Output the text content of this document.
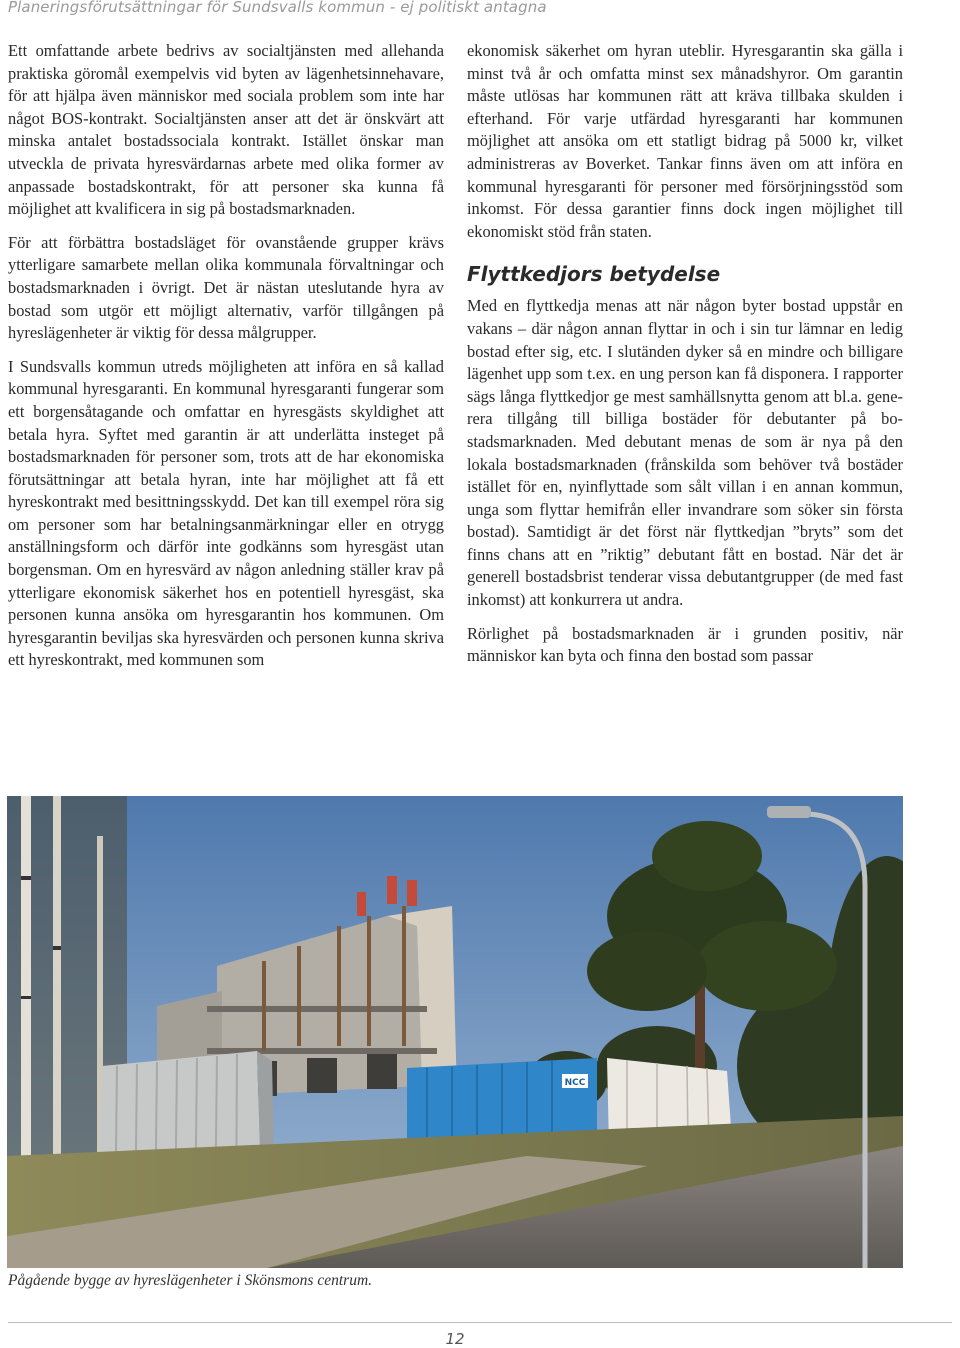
Planeringsförutsättningar för Sundsvalls kommun - ej politiskt antagna

Ett omfattande arbete bedrivs av socialtjänsten med allehanda praktiska göromål exempelvis vid byten av lägenhetsinnehavare, för att hjälpa även människor med sociala problem som inte har något BOS-kontrakt. Socialtjänsten anser att det är önskvärt att minska antalet bostadssociala kontrakt. Istället önskar man utveckla de privata hyresvärdarnas arbete med olika former av anpassade bostadskontrakt, för att personer ska kunna få möjlighet att kvalificera in sig på bostadsmarknaden.

För att förbättra bostadsläget för ovanstående grupper krävs ytterligare samarbete mellan olika kommunala förvaltningar och bostadsmarknaden i övrigt. Det är nästan uteslutande hyra av bostad som utgör ett möjligt alternativ, varför tillgången på hyreslägenheter är viktig för dessa målgrupper.

I Sundsvalls kommun utreds möjligheten att införa en så kallad kommunal hyresgaranti. En kommunal hyresgaranti fungerar som ett borgensåtagande och omfattar en hyresgästs skyldighet att betala hyra. Syftet med garantin är att underlätta insteget på bostadsmarknaden för personer som, trots att de har ekonomiska förutsättningar att betala hyran, inte har möjlighet att få ett hyreskontrakt med besittningsskydd. Det kan till exempel röra sig om personer som har betalningsanmärkningar eller en otrygg anställningsform och därför inte godkänns som hyresgäst utan borgensman. Om en hyresvärd av någon anledning ställer krav på ytterligare ekonomisk säkerhet hos en potentiell hyresgäst, ska personen kunna ansöka om hyresgarantin hos kommunen. Om hyresgarantin beviljas ska hyresvärden och personen kunna skriva ett hyreskontrakt, med kommunen som

ekonomisk säkerhet om hyran uteblir. Hyresgarantin ska gälla i minst två år och omfatta minst sex månadshyror. Om garantin måste utlösas har kommunen rätt att kräva tillbaka skulden i efterhand. För varje utfärdad hyresgaranti har kommunen möjlighet att ansöka om ett statligt bidrag på 5000 kr, vilket administreras av Boverket. Tankar finns även om att införa en kommunal hyresgaranti för personer med försörjningsstöd som inkomst. För dessa garantier finns dock ingen möjlighet till ekonomiskt stöd från staten.

Flyttkedjors betydelse

Med en flyttkedja menas att när någon byter bostad uppstår en vakans – där någon annan flyttar in och i sin tur lämnar en ledig bostad efter sig, etc. I slutänden dyker så en mindre och billigare lägenhet upp som t.ex. en ung person kan få disponera. I rapporter sägs långa flyttkedjor ge mest samhällsnytta genom att bl.a. generera tillgång till billiga bostäder för debutanter på bostadsmarknaden. Med debutant menas de som är nya på den lokala bostadsmarknaden (frånskilda som behöver två bostäder istället för en, nyinflyttade som sålt villan i en annan kommun, unga som flyttar hemifrån eller invandrare som söker sin första bostad). Samtidigt är det först när flyttkedjan ”bryts” som det finns chans att en ”riktig” debutant fått en bostad. När det är generell bostadsbrist tenderar vissa debutantgrupper (de med fast inkomst) att konkurrera ut andra.

Rörlighet på bostadsmarknaden är i grunden positiv, när människor kan byta och finna den bostad som passar

NCC
Pågående bygge av hyreslägenheter i Skönsmons centrum.
12
